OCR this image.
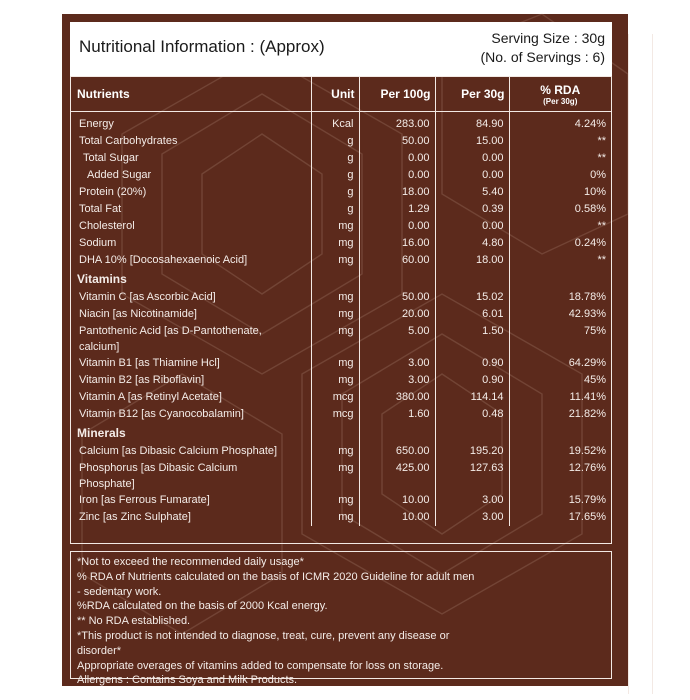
Nutritional Information : (Approx)	Serving Size : 30g
(No. of Servings : 6)
Nutrients	Unit	Per 100g	Per 30g	% RDA
(Per 30g)

Energy	Kcal	283.00	84.90	4.24%
Total Carbohydrates	g	50.00	15.00	**
Total Sugar	g	0.00	0.00	**
Added Sugar	g	0.00	0.00	0%
Protein (20%)	g	18.00	5.40	10%
Total Fat	g	1.29	0.39	0.58%
Cholesterol	mg	0.00	0.00	**
Sodium	mg	16.00	4.80	0.24%
DHA 10% [Docosahexaenoic Acid]	mg	60.00	18.00	**
Vitamins				
Vitamin C [as Ascorbic Acid]	mg	50.00	15.02	18.78%
Niacin [as Nicotinamide]	mg	20.00	6.01	42.93%
Pantothenic Acid [as D-Pantothenate,
calcium]	mg	5.00	1.50	75%
Vitamin B1 [as Thiamine Hcl]	mg	3.00	0.90	64.29%
Vitamin B2 [as Riboflavin]	mg	3.00	0.90	45%
Vitamin A [as Retinyl Acetate]	mcg	380.00	114.14	11.41%
Vitamin B12 [as Cyanocobalamin]	mcg	1.60	0.48	21.82%
Minerals				
Calcium [as Dibasic Calcium Phosphate]	mg	650.00	195.20	19.52%
Phosphorus [as Dibasic Calcium
Phosphate]	mg	425.00	127.63	12.76%
Iron [as Ferrous Fumarate]	mg	10.00	3.00	15.79%
Zinc [as Zinc Sulphate]	mg	10.00	3.00	17.65%
*Not to exceed the recommended daily usage*
% RDA of Nutrients calculated on the basis of ICMR 2020 Guideline for adult men
- sedentary work.
%RDA calculated on the basis of 2000 Kcal energy.
** No RDA established.
*This product is not intended to diagnose, treat, cure, prevent any disease or
disorder*
Appropriate overages of vitamins added to compensate for loss on storage.
Allergens : Contains Soya and Milk Products.	CONTAINS ADDED FLAVOUR ( NATURE IDENCTICAL (CHOCOLATE) FLAVOURING SUBSTANCE) Recommended Usage: Take 2 Tablespoon (30gm) in a day for an Adult or as per Health Care expert.
